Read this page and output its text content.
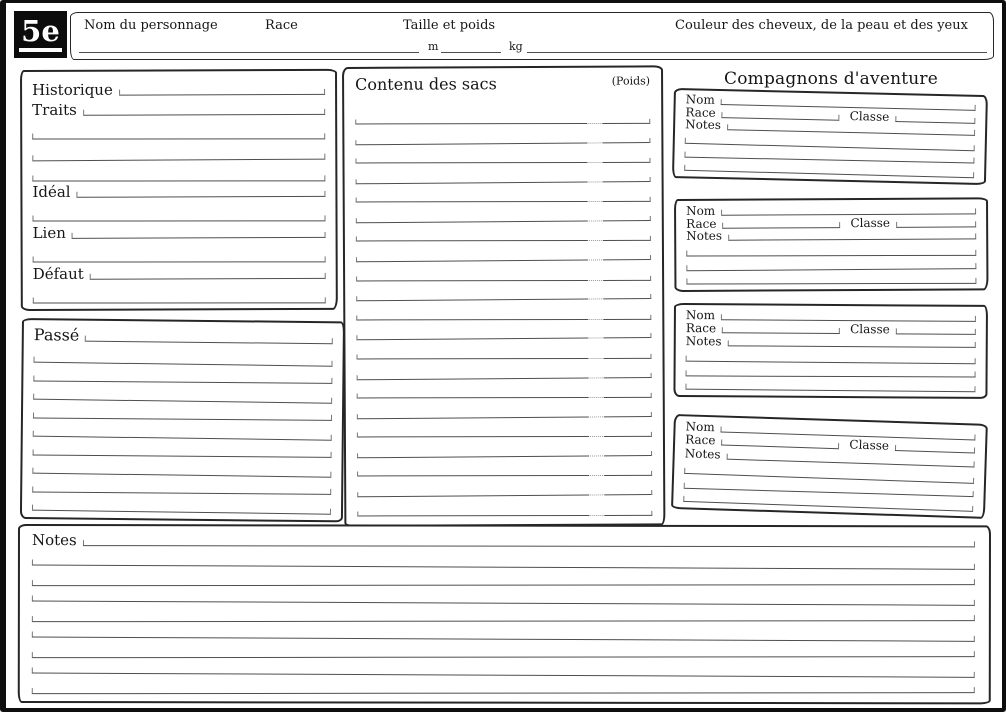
5e Nom du personnage	Race	Taille et poids	Couleur des cheveux, de la peau et des yeux
m	kg
Historique
Traits
Idéal
Lien
Défaut
Passé
Contenu des sacs	(Poids)	Compagnons d'aventure
Nom
Race	Classe
Notes
Nom
Race	Classe
Notes
Nom
Race	Classe
Notes
Nom
Race	Classe
Notes
Notes
